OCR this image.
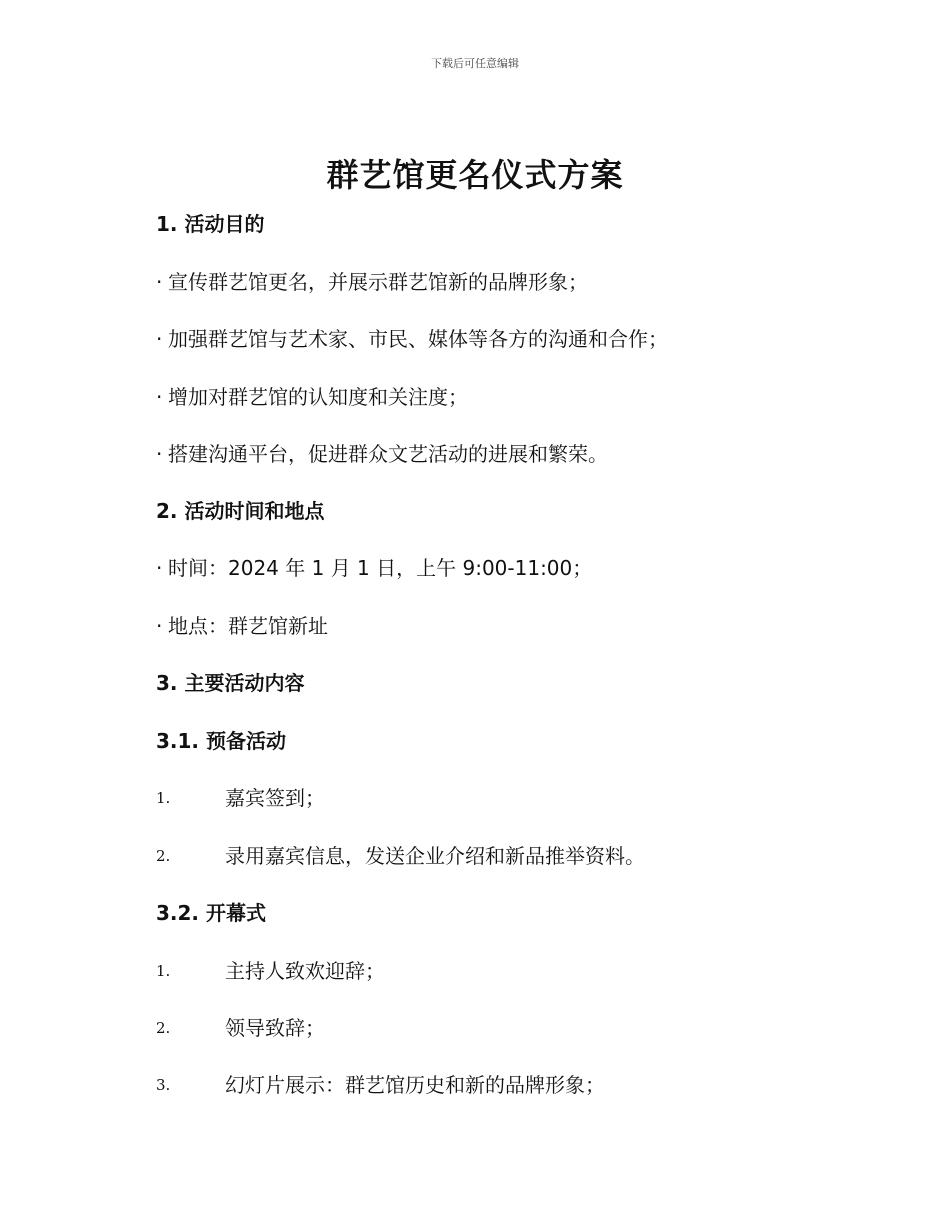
下载后可任意编辑
群艺馆更名仪式方案

1. 活动目的

· 宣传群艺馆更名，并展示群艺馆新的品牌形象；

· 加强群艺馆与艺术家、市民、媒体等各方的沟通和合作；

· 增加对群艺馆的认知度和关注度；

· 搭建沟通平台，促进群众文艺活动的进展和繁荣。

2. 活动时间和地点

· 时间：2024 年 1 月 1 日，上午 9:00-11:00；

· 地点：群艺馆新址

3. 主要活动内容

3.1. 预备活动

1.	嘉宾签到；

2.	录用嘉宾信息，发送企业介绍和新品推举资料。

3.2. 开幕式

1.	主持人致欢迎辞；

2.	领导致辞；

3.	幻灯片展示：群艺馆历史和新的品牌形象；
